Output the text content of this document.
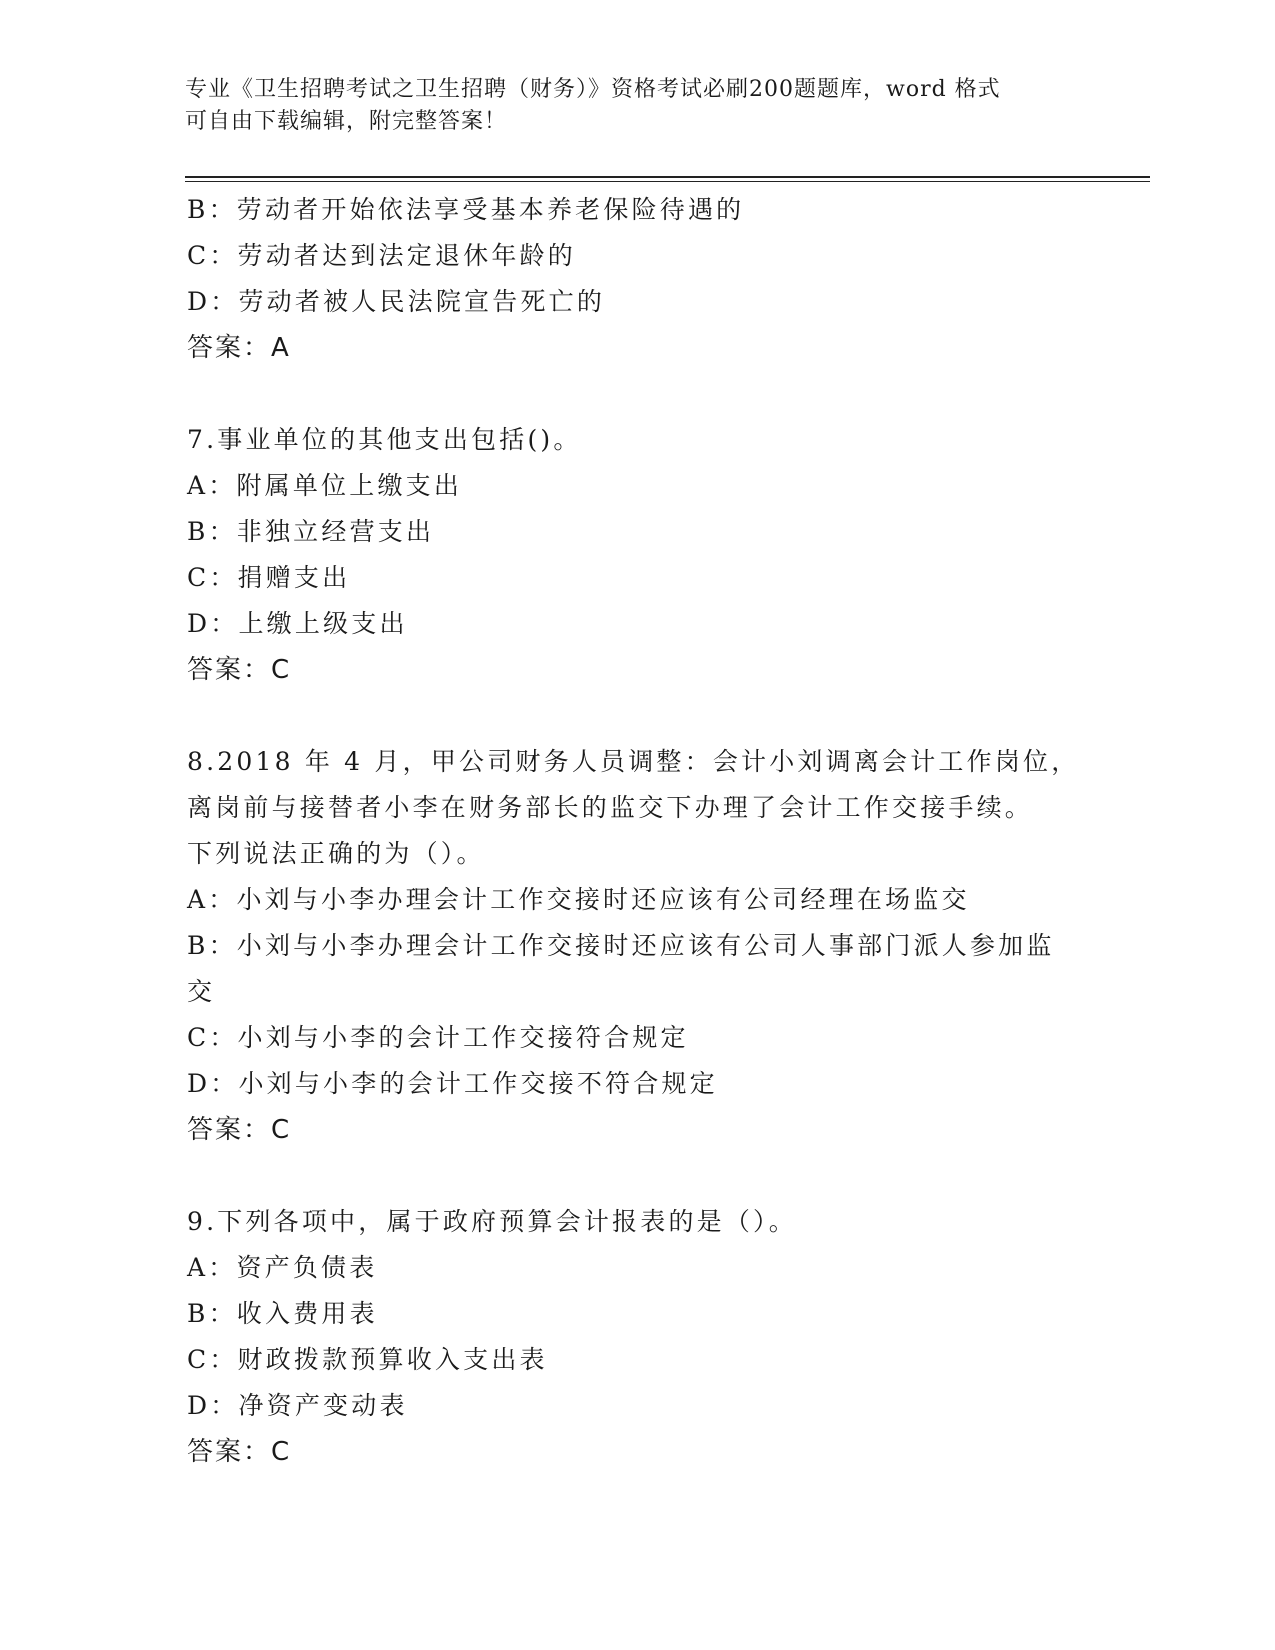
专业《卫生招聘考试之卫生招聘（财务）》资格考试必刷200题题库，word 格式
可自由下载编辑，附完整答案！
B：劳动者开始依法享受基本养老保险待遇的
C：劳动者达到法定退休年龄的
D：劳动者被人民法院宣告死亡的
答案：A
7.事业单位的其他支出包括()。
A：附属单位上缴支出
B：非独立经营支出
C：捐赠支出
D：上缴上级支出
答案：C
8.2018 年 4 月，甲公司财务人员调整：会计小刘调离会计工作岗位，
离岗前与接替者小李在财务部长的监交下办理了会计工作交接手续。
下列说法正确的为（）。
A：小刘与小李办理会计工作交接时还应该有公司经理在场监交
B：小刘与小李办理会计工作交接时还应该有公司人事部门派人参加监
交
C：小刘与小李的会计工作交接符合规定
D：小刘与小李的会计工作交接不符合规定
答案：C
9.下列各项中，属于政府预算会计报表的是（）。
A：资产负债表
B：收入费用表
C：财政拨款预算收入支出表
D：净资产变动表
答案：C
